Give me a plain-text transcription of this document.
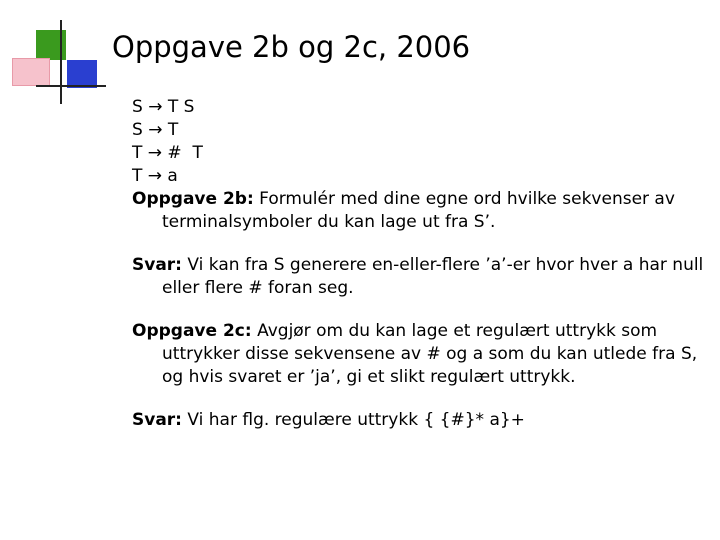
Oppgave 2b og 2c, 2006
S → T S
S → T
T → #  T
T → a

Oppgave 2b: Formulér med dine egne ord hvilke sekvenser av terminalsymboler du kan lage ut fra S’.

Svar: Vi kan fra S generere en-eller-flere ’a’-er hvor hver a har null eller flere # foran seg.

Oppgave 2c: Avgjør om du kan lage et regulært uttrykk som uttrykker disse sekvensene av # og a som du kan utlede fra S, og hvis svaret er ’ja’, gi et slikt regulært uttrykk.

Svar: Vi har flg. regulære uttrykk { {#}* a}+
